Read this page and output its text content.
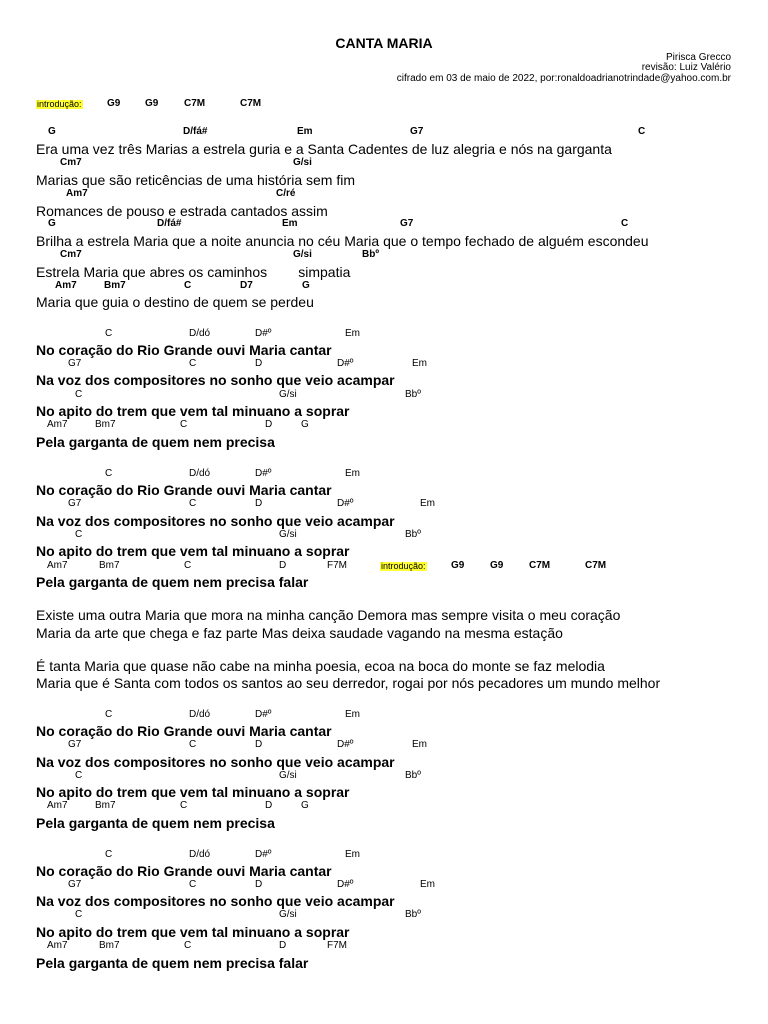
CANTA MARIA
Pirisca Grecco
revisão: Luiz Valério
cifrado em 03 de maio de 2022, por:ronaldoadrianotrindade@yahoo.com.br
introdução:	G9 G9	C7M	C7M
G	D/fá#	Em	G7	C
Era uma vez três Marias a estrela guria e a Santa Cadentes de luz alegria e nós na garganta
Cm7	G/si
Marias que são reticências de uma história sem fim
Am7	C/ré
Romances de pouso e estrada cantados assim
G	D/fá#	Em	G7	C
Brilha a estrela Maria que a noite anuncia no céu Maria que o tempo fechado de alguém escondeu
Cm7	G/si	Bbº
Estrela Maria que abres os caminhos        simpatia
Am7	Bm7	C	D7	G
Maria que guia o destino de quem se perdeu
C	D/dó	D#º	Em
No coração do Rio Grande ouvi Maria cantar
G7	C	D	D#º	Em
Na voz dos compositores no sonho que veio acampar
C	G/si	Bbº
No apito do trem que vem tal minuano a soprar
Am7	Bm7	C	D	G
Pela garganta de quem nem precisa
C	D/dó	D#º	Em
No coração do Rio Grande ouvi Maria cantar
G7	C	D	D#º	Em
Na voz dos compositores no sonho que veio acampar
C	G/si	Bbº
No apito do trem que vem tal minuano a soprar
Am7	Bm7	C	D	F7M	introdução:	G9	G9	C7M	C7M
Pela garganta de quem nem precisa falar
Existe uma outra Maria que mora na minha canção Demora mas sempre visita o meu coração
Maria da arte que chega e faz parte Mas deixa saudade vagando na mesma estação
É tanta Maria que quase não cabe na minha poesia, ecoa na boca do monte se faz melodia
Maria que é Santa com todos os santos ao seu derredor, rogai por nós pecadores um mundo melhor
C	D/dó	D#º	Em
No coração do Rio Grande ouvi Maria cantar
G7	C	D	D#º	Em
Na voz dos compositores no sonho que veio acampar
C	G/si	Bbº
No apito do trem que vem tal minuano a soprar
Am7	Bm7	C	D	G
Pela garganta de quem nem precisa
C	D/dó	D#º	Em
No coração do Rio Grande ouvi Maria cantar
G7	C	D	D#º	Em
Na voz dos compositores no sonho que veio acampar
C	G/si	Bbº
No apito do trem que vem tal minuano a soprar
Am7	Bm7	C	D	F7M
Pela garganta de quem nem precisa falar
